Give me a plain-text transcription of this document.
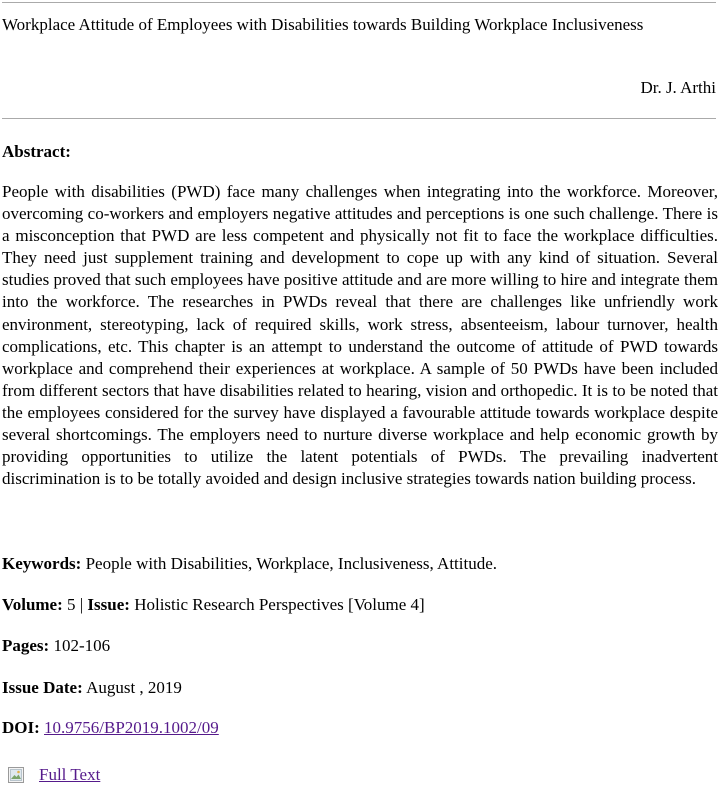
Workplace Attitude of Employees with Disabilities towards Building Workplace Inclusiveness
Dr. J. Arthi
Abstract:
People with disabilities (PWD) face many challenges when integrating into the workforce. Moreover, overcoming co-workers and employers negative attitudes and perceptions is one such challenge. There is a misconception that PWD are less competent and physically not fit to face the workplace difficulties. They need just supplement training and development to cope up with any kind of situation. Several studies proved that such employees have positive attitude and are more willing to hire and integrate them into the workforce. The researches in PWDs reveal that there are challenges like unfriendly work environment, stereotyping, lack of required skills, work stress, absenteeism, labour turnover, health complications, etc. This chapter is an attempt to understand the outcome of attitude of PWD towards workplace and comprehend their experiences at workplace. A sample of 50 PWDs have been included from different sectors that have disabilities related to hearing, vision and orthopedic. It is to be noted that the employees considered for the survey have displayed a favourable attitude towards workplace despite several shortcomings. The employers need to nurture diverse workplace and help economic growth by providing opportunities to utilize the latent potentials of PWDs. The prevailing inadvertent discrimination is to be totally avoided and design inclusive strategies towards nation building process.
Keywords: People with Disabilities, Workplace, Inclusiveness, Attitude.
Volume: 5 | Issue: Holistic Research Perspectives [Volume 4]
Pages: 102-106
Issue Date: August , 2019
DOI: 10.9756/BP2019.1002/09
Full Text
